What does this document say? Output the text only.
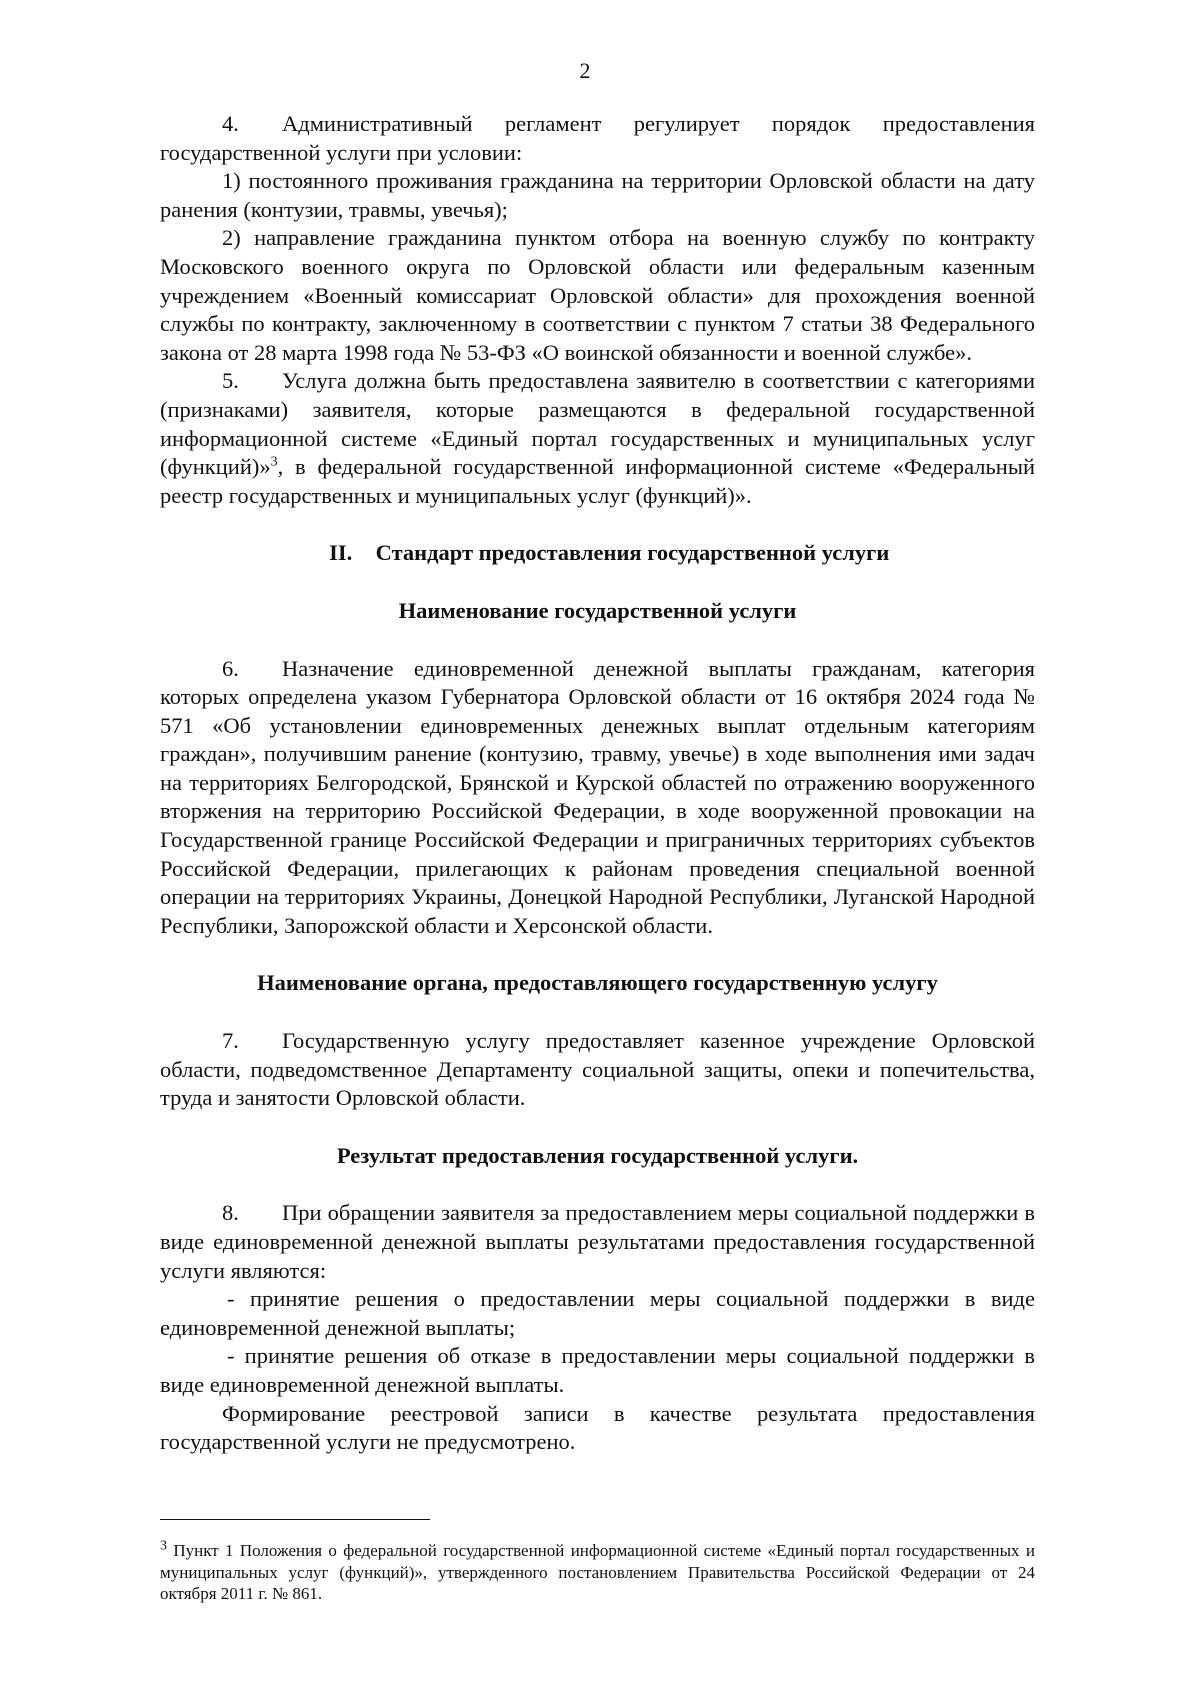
2

4. Административный регламент регулирует порядок предоставления государственной услуги при условии:

1) постоянного проживания гражданина на территории Орловской области на дату ранения (контузии, травмы, увечья);

2) направление гражданина пунктом отбора на военную службу по контракту Московского военного округа по Орловской области или федеральным казенным учреждением «Военный комиссариат Орловской области» для прохождения военной службы по контракту, заключенному в соответствии с пунктом 7 статьи 38 Федерального закона от 28 марта 1998 года № 53-ФЗ «О воинской обязанности и военной службе».

5. Услуга должна быть предоставлена заявителю в соответствии с категориями (признаками) заявителя, которые размещаются в федеральной государственной информационной системе «Единый портал государственных и муниципальных услуг (функций)»$^3$, в федеральной государственной информационной системе «Федеральный реестр государственных и муниципальных услуг (функций)».

II. Стандарт предоставления государственной услуги

Наименование государственной услуги

6. Назначение единовременной денежной выплаты гражданам, категория которых определена указом Губернатора Орловской области от 16 октября 2024 года № 571 «Об установлении единовременных денежных выплат отдельным категориям граждан», получившим ранение (контузию, травму, увечье) в ходе выполнения ими задач на территориях Белгородской, Брянской и Курской областей по отражению вооруженного вторжения на территорию Российской Федерации, в ходе вооруженной провокации на Государственной границе Российской Федерации и приграничных территориях субъектов Российской Федерации, прилегающих к районам проведения специальной военной операции на территориях Украины, Донецкой Народной Республики, Луганской Народной Республики, Запорожской области и Херсонской области.

Наименование органа, предоставляющего государственную услугу

7. Государственную услугу предоставляет казенное учреждение Орловской области, подведомственное Департаменту социальной защиты, опеки и попечительства, труда и занятости Орловской области.

Результат предоставления государственной услуги.

8. При обращении заявителя за предоставлением меры социальной поддержки в виде единовременной денежной выплаты результатами предоставления государственной услуги являются:

- принятие решения о предоставлении меры социальной поддержки в виде единовременной денежной выплаты;

- принятие решения об отказе в предоставлении меры социальной поддержки в виде единовременной денежной выплаты.

Формирование реестровой записи в качестве результата предоставления государственной услуги не предусмотрено.

$^3$ Пункт 1 Положения о федеральной государственной информационной системе «Единый портал государственных и муниципальных услуг (функций)», утвержденного постановлением Правительства Российской Федерации от 24 октября 2011 г. № 861.
